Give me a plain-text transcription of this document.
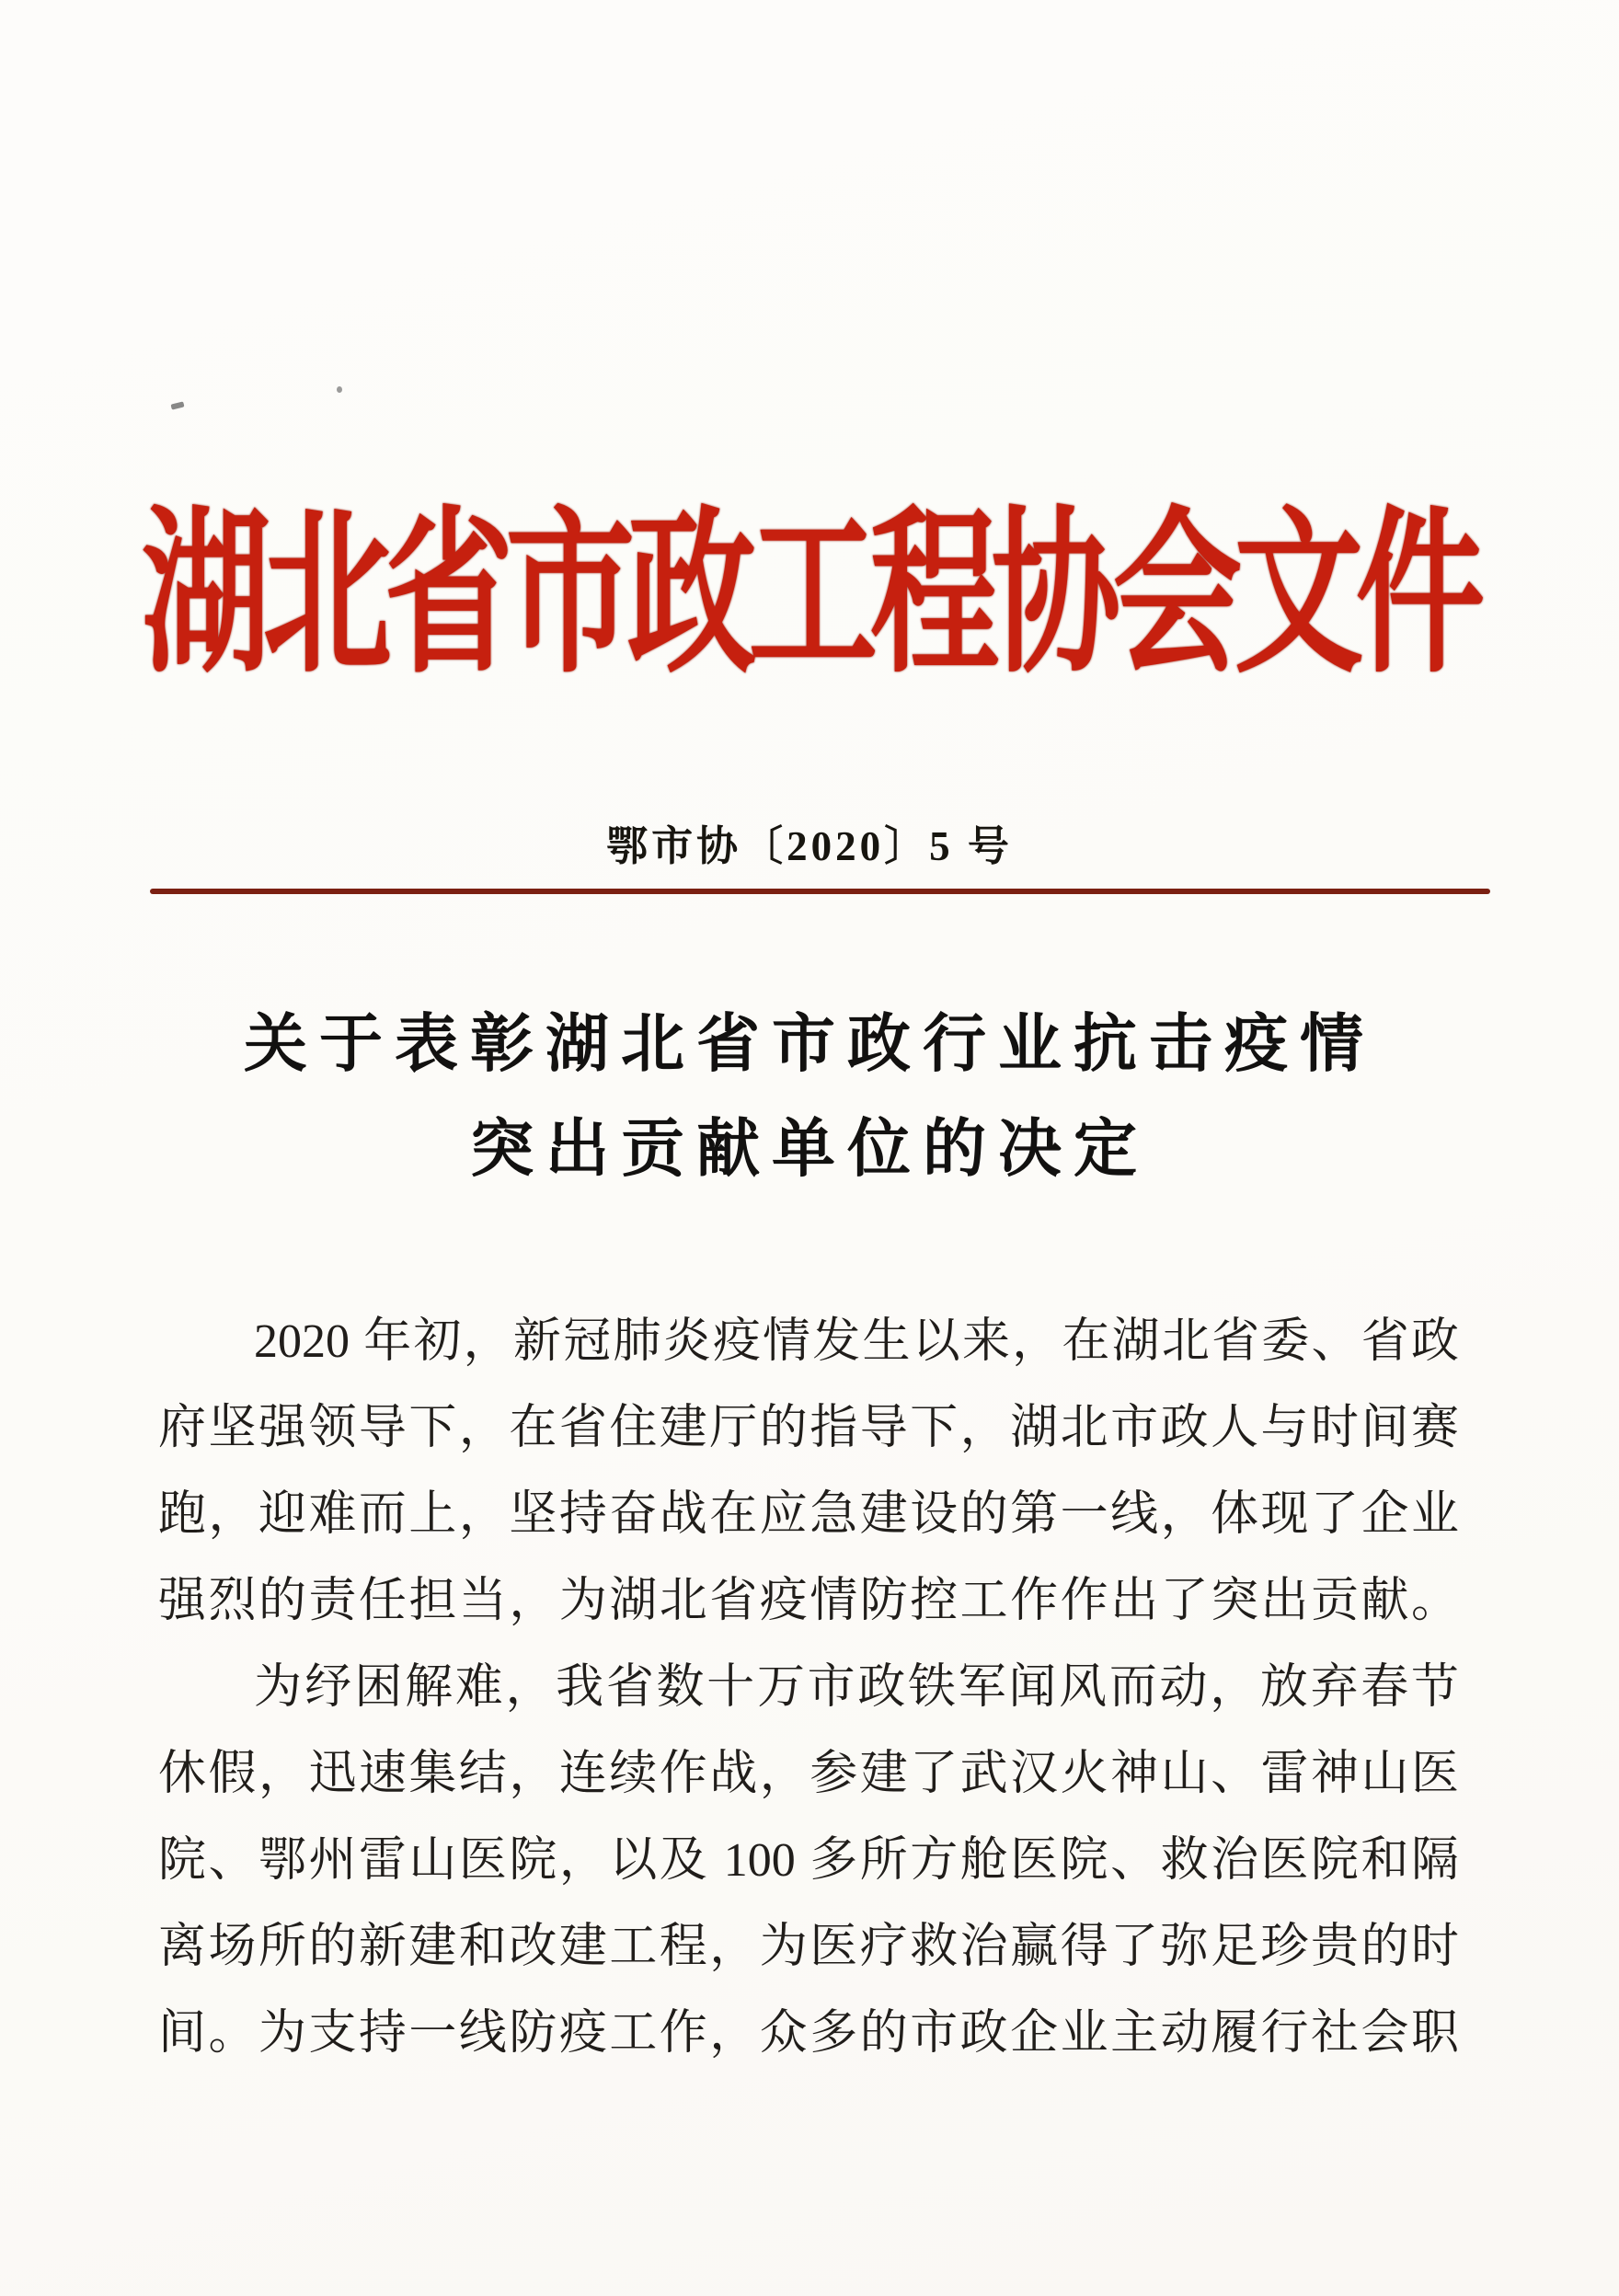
湖北省市政工程协会文件
鄂市协〔2020〕5 号
关于表彰湖北省市政行业抗击疫情
突出贡献单位的决定
2020 年初，新冠肺炎疫情发生以来，在湖北省委、省政
府坚强领导下，在省住建厅的指导下，湖北市政人与时间赛
跑，迎难而上，坚持奋战在应急建设的第一线，体现了企业
强烈的责任担当，为湖北省疫情防控工作作出了突出贡献。
为纾困解难，我省数十万市政铁军闻风而动，放弃春节
休假，迅速集结，连续作战，参建了武汉火神山、雷神山医
院、鄂州雷山医院，以及 100 多所方舱医院、救治医院和隔
离场所的新建和改建工程，为医疗救治赢得了弥足珍贵的时
间。为支持一线防疫工作，众多的市政企业主动履行社会职
